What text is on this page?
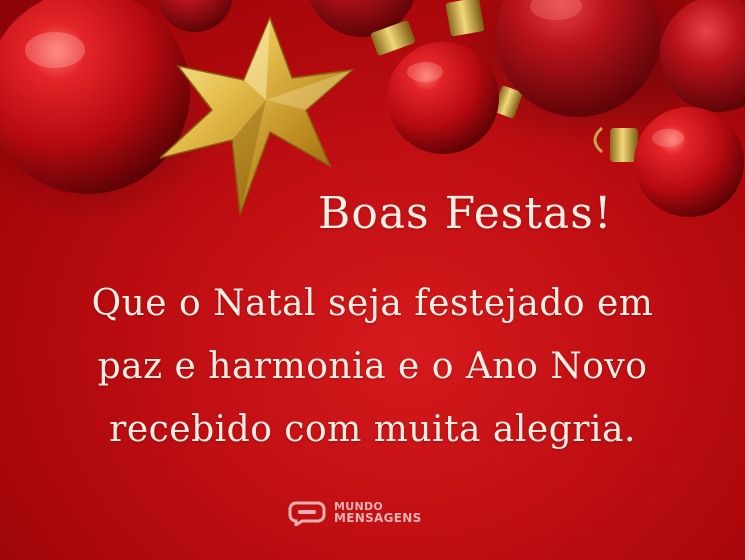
Boas Festas!

Que o Natal seja festejado em
paz e harmonia e o Ano Novo
recebido com muita alegria.

MUNDO
MENSAGENS
